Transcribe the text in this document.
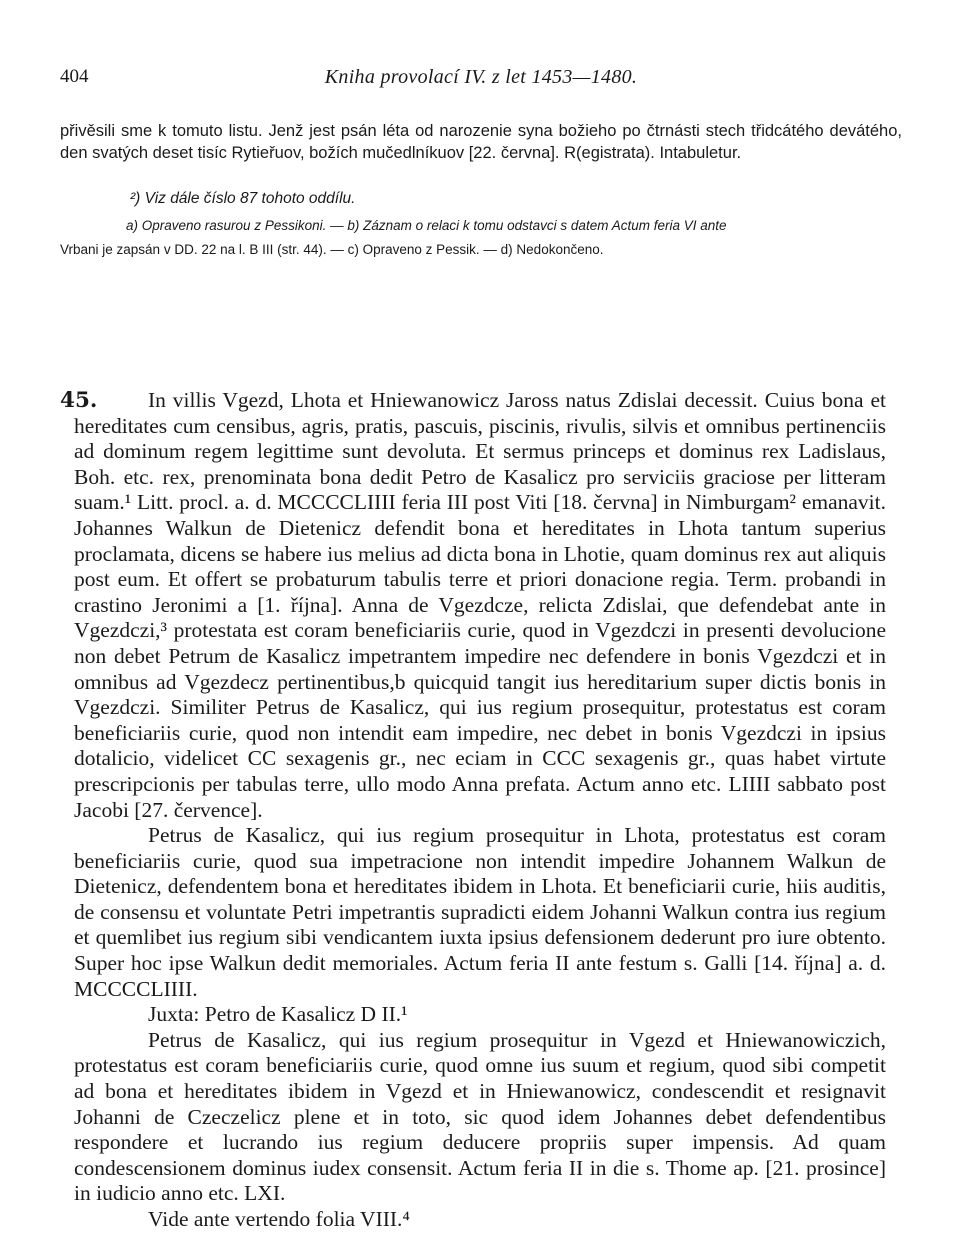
404	Kniha provolací IV. z let 1453—1480.

přivěsili sme k tomuto listu. Jenž jest psán léta od narozenie syna božieho po čtrnásti stech třidcátého devátého, den svatých deset tisíc Rytieřuov, božích mučedlníkuov [22. června]. R(egistrata). Intabuletur.

²) Viz dále číslo 87 tohoto oddílu.
a) Opraveno rasurou z Pessikoni. — b) Záznam o relaci k tomu odstavci s datem Actum feria VI ante
Vrbani je zapsán v DD. 22 na l. B III (str. 44). — c) Opraveno z Pessik. — d) Nedokončeno.
45.	In villis Vgezd, Lhota et Hniewanowicz Jaross natus Zdislai decessit. Cuius bona et hereditates cum censibus, agris, pratis, pascuis, piscinis, rivulis, silvis et omnibus pertinenciis ad dominum regem legittime sunt devoluta. Et sermus princeps et dominus rex Ladislaus, Boh. etc. rex, prenominata bona dedit Petro de Kasalicz pro serviciis graciose per litteram suam.¹ Litt. procl. a. d. MCCCCLIIII feria III post Viti [18. června] in Nimburgam² emanavit. Johannes Walkun de Dietenicz defendit bona et hereditates in Lhota tantum superius proclamata, dicens se habere ius melius ad dicta bona in Lhotie, quam dominus rex aut aliquis post eum. Et offert se probaturum tabulis terre et priori donacione regia. Term. probandi in crastino Jeronimi a [1. října]. Anna de Vgezdcze, relicta Zdislai, que defendebat ante in Vgezdczi,³ protestata est coram beneficiariis curie, quod in Vgezdczi in presenti devolucione non debet Petrum de Kasalicz impetrantem impedire nec defendere in bonis Vgezdczi et in omnibus ad Vgezdecz pertinentibus,b quicquid tangit ius hereditarium super dictis bonis in Vgezdczi. Similiter Petrus de Kasalicz, qui ius regium prosequitur, protestatus est coram beneficiariis curie, quod non intendit eam impedire, nec debet in bonis Vgezdczi in ipsius dotalicio, videlicet CC sexagenis gr., nec eciam in CCC sexagenis gr., quas habet virtute prescripcionis per tabulas terre, ullo modo Anna prefata. Actum anno etc. LIIII sabbato post Jacobi [27. července].

Petrus de Kasalicz, qui ius regium prosequitur in Lhota, protestatus est coram beneficiariis curie, quod sua impetracione non intendit impedire Johannem Walkun de Dietenicz, defendentem bona et hereditates ibidem in Lhota. Et beneficiarii curie, hiis auditis, de consensu et voluntate Petri impetrantis supradicti eidem Johanni Walkun contra ius regium et quemlibet ius regium sibi vendicantem iuxta ipsius defensionem dederunt pro iure obtento. Super hoc ipse Walkun dedit memoriales. Actum feria II ante festum s. Galli [14. října] a. d. MCCCCLIIII.

Juxta: Petro de Kasalicz D II.¹

Petrus de Kasalicz, qui ius regium prosequitur in Vgezd et Hniewanowiczich, protestatus est coram beneficiariis curie, quod omne ius suum et regium, quod sibi competit ad bona et hereditates ibidem in Vgezd et in Hniewanowicz, condescendit et resignavit Johanni de Czeczelicz plene et in toto, sic quod idem Johannes debet defendentibus respondere et lucrando ius regium deducere propriis super impensis. Ad quam condescensionem dominus iudex consensit. Actum feria II in die s. Thome ap. [21. prosince] in iudicio anno etc. LXI.

Vide ante vertendo folia VIII.⁴
